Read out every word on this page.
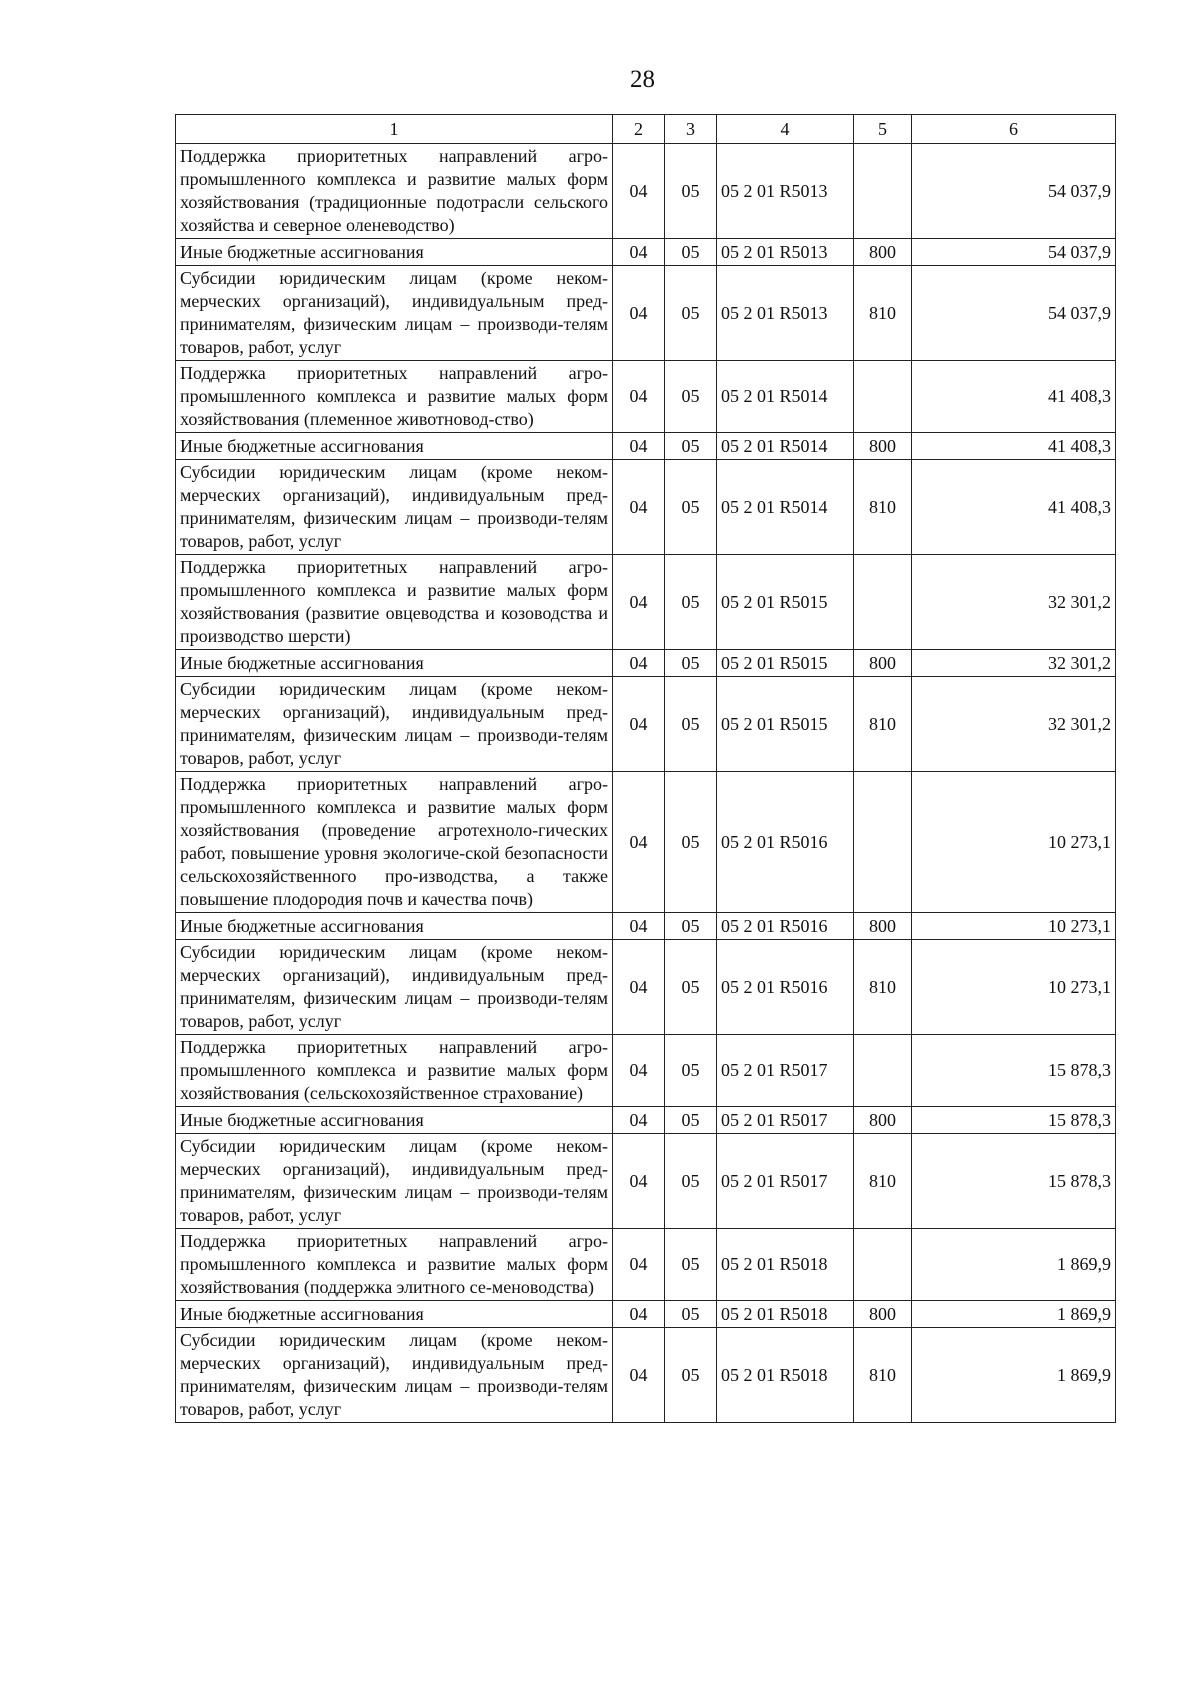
28
1	2	3	4	5	6
Поддержка приоритетных направлений агро-промышленного комплекса и развитие малых форм хозяйствования (традиционные подотрасли сельского хозяйства и северное оленеводство)	04	05	05 2 01 R5013		54 037,9
Иные бюджетные ассигнования	04	05	05 2 01 R5013	800	54 037,9
Субсидии юридическим лицам (кроме неком-мерческих организаций), индивидуальным пред-принимателям, физическим лицам – производи-телям товаров, работ, услуг	04	05	05 2 01 R5013	810	54 037,9
Поддержка приоритетных направлений агро-промышленного комплекса и развитие малых форм хозяйствования (племенное животновод-ство)	04	05	05 2 01 R5014		41 408,3
Иные бюджетные ассигнования	04	05	05 2 01 R5014	800	41 408,3
Субсидии юридическим лицам (кроме неком-мерческих организаций), индивидуальным пред-принимателям, физическим лицам – производи-телям товаров, работ, услуг	04	05	05 2 01 R5014	810	41 408,3
Поддержка приоритетных направлений агро-промышленного комплекса и развитие малых форм хозяйствования (развитие овцеводства и козоводства и производство шерсти)	04	05	05 2 01 R5015		32 301,2
Иные бюджетные ассигнования	04	05	05 2 01 R5015	800	32 301,2
Субсидии юридическим лицам (кроме неком-мерческих организаций), индивидуальным пред-принимателям, физическим лицам – производи-телям товаров, работ, услуг	04	05	05 2 01 R5015	810	32 301,2
Поддержка приоритетных направлений агро-промышленного комплекса и развитие малых форм хозяйствования (проведение агротехноло-гических работ, повышение уровня экологиче-ской безопасности сельскохозяйственного про-изводства, а также повышение плодородия почв и качества почв)	04	05	05 2 01 R5016		10 273,1
Иные бюджетные ассигнования	04	05	05 2 01 R5016	800	10 273,1
Субсидии юридическим лицам (кроме неком-мерческих организаций), индивидуальным пред-принимателям, физическим лицам – производи-телям товаров, работ, услуг	04	05	05 2 01 R5016	810	10 273,1
Поддержка приоритетных направлений агро-промышленного комплекса и развитие малых форм хозяйствования (сельскохозяйственное страхование)	04	05	05 2 01 R5017		15 878,3
Иные бюджетные ассигнования	04	05	05 2 01 R5017	800	15 878,3
Субсидии юридическим лицам (кроме неком-мерческих организаций), индивидуальным пред-принимателям, физическим лицам – производи-телям товаров, работ, услуг	04	05	05 2 01 R5017	810	15 878,3
Поддержка приоритетных направлений агро-промышленного комплекса и развитие малых форм хозяйствования (поддержка элитного се-меноводства)	04	05	05 2 01 R5018		1 869,9
Иные бюджетные ассигнования	04	05	05 2 01 R5018	800	1 869,9
Субсидии юридическим лицам (кроме неком-мерческих организаций), индивидуальным пред-принимателям, физическим лицам – производи-телям товаров, работ, услуг	04	05	05 2 01 R5018	810	1 869,9
